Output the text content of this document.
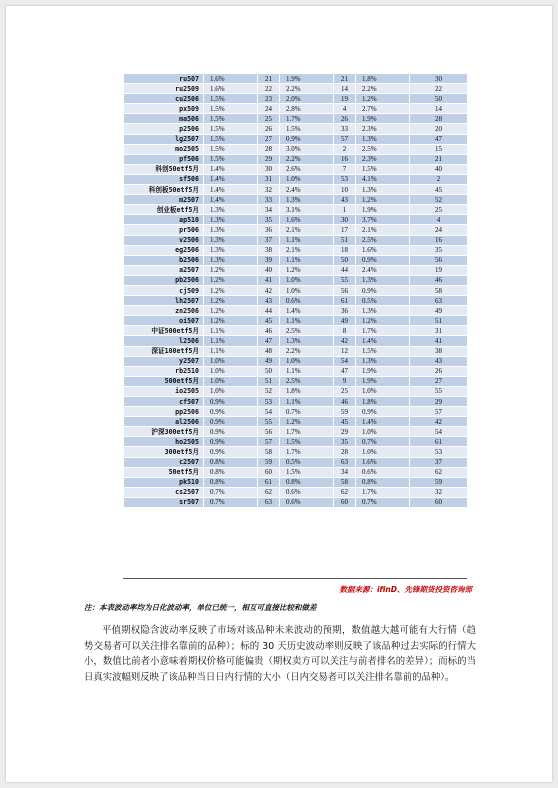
ru507	1.6%	21	1.9%	21	1.8%	30
ru2509	1.6%	22	2.2%	14	2.2%	22
cu2506	1.5%	23	2.0%	19	1.2%	50
px509	1.5%	24	2.8%	4	2.7%	14
ma506	1.5%	25	1.7%	26	1.9%	28
p2506	1.5%	26	1.5%	33	2.3%	20
lg2507	1.5%	27	0.9%	57	1.3%	47
mo2505	1.5%	28	3.0%	2	2.5%	15
pf506	1.5%	29	2.2%	16	2.3%	21
科创50etf5月	1.4%	30	2.6%	7	1.5%	40
sf506	1.4%	31	1.0%	53	4.1%	2
科创板50etf5月	1.4%	32	2.4%	10	1.3%	45
m2507	1.4%	33	1.3%	43	1.2%	52
创业板etf5月	1.3%	34	3.1%	1	1.9%	25
ap510	1.3%	35	1.6%	30	3.7%	4
pr506	1.3%	36	2.1%	17	2.1%	24
v2506	1.3%	37	1.1%	51	2.5%	16
eg2506	1.3%	38	2.1%	18	1.6%	35
b2506	1.3%	39	1.1%	50	0.9%	56
a2507	1.2%	40	1.2%	44	2.4%	19
pb2506	1.2%	41	1.0%	55	1.3%	46
cj509	1.2%	42	1.0%	56	0.9%	58
lh2507	1.2%	43	0.6%	61	0.5%	63
zn2506	1.2%	44	1.4%	36	1.3%	49
oi507	1.2%	45	1.1%	49	1.2%	51
中证500etf5月	1.1%	46	2.5%	8	1.7%	31
l2506	1.1%	47	1.3%	42	1.4%	41
深证100etf5月	1.1%	48	2.2%	12	1.5%	38
y2507	1.0%	49	1.0%	54	1.3%	43
rb2510	1.0%	50	1.1%	47	1.9%	26
500etf5月	1.0%	51	2.5%	9	1.9%	27
io2505	1.0%	52	1.8%	25	1.0%	55
cf507	0.9%	53	1.1%	46	1.8%	29
pp2506	0.9%	54	0.7%	59	0.9%	57
al2506	0.9%	55	1.2%	45	1.4%	42
沪深300etf5月	0.9%	56	1.7%	29	1.0%	54
ho2505	0.9%	57	1.5%	35	0.7%	61
300etf5月	0.9%	58	1.7%	28	1.0%	53
c2507	0.8%	59	0.5%	63	1.6%	37
50etf5月	0.8%	60	1.5%	34	0.6%	62
pk510	0.8%	61	0.8%	58	0.8%	59
cs2507	0.7%	62	0.6%	62	1.7%	32
sr507	0.7%	63	0.6%	60	0.7%	60
数据来源：ifinD、先锋期货投资咨询部
注：本表波动率均为日化波动率，单位已统一，相互可直接比较和做差

平值期权隐含波动率反映了市场对该品种未来波动的预期，数值越大越可能有大行情（趋势交易者可以关注排名靠前的品种）；标的 30 天历史波动率则反映了该品种过去实际的行情大小，数值比前者小意味着期权价格可能偏贵（期权卖方可以关注与前者排名的差异）；而标的当日真实波幅则反映了该品种当日日内行情的大小（日内交易者可以关注排名靠前的品种）。
